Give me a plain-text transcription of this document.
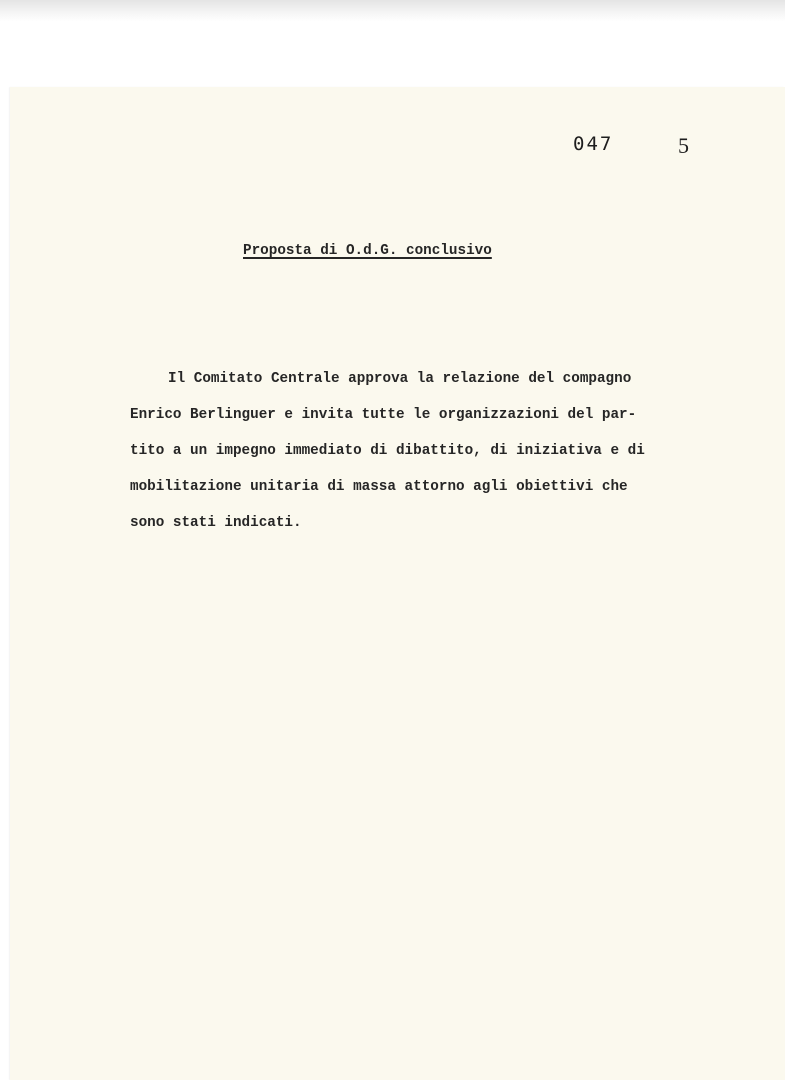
047	5
Proposta di O.d.G. conclusivo
Il Comitato Centrale approva la relazione del compagno
Enrico Berlinguer e invita tutte le organizzazioni del par-
tito a un impegno immediato di dibattito, di iniziativa e di
mobilitazione unitaria di massa attorno agli obiettivi che
sono stati indicati.
